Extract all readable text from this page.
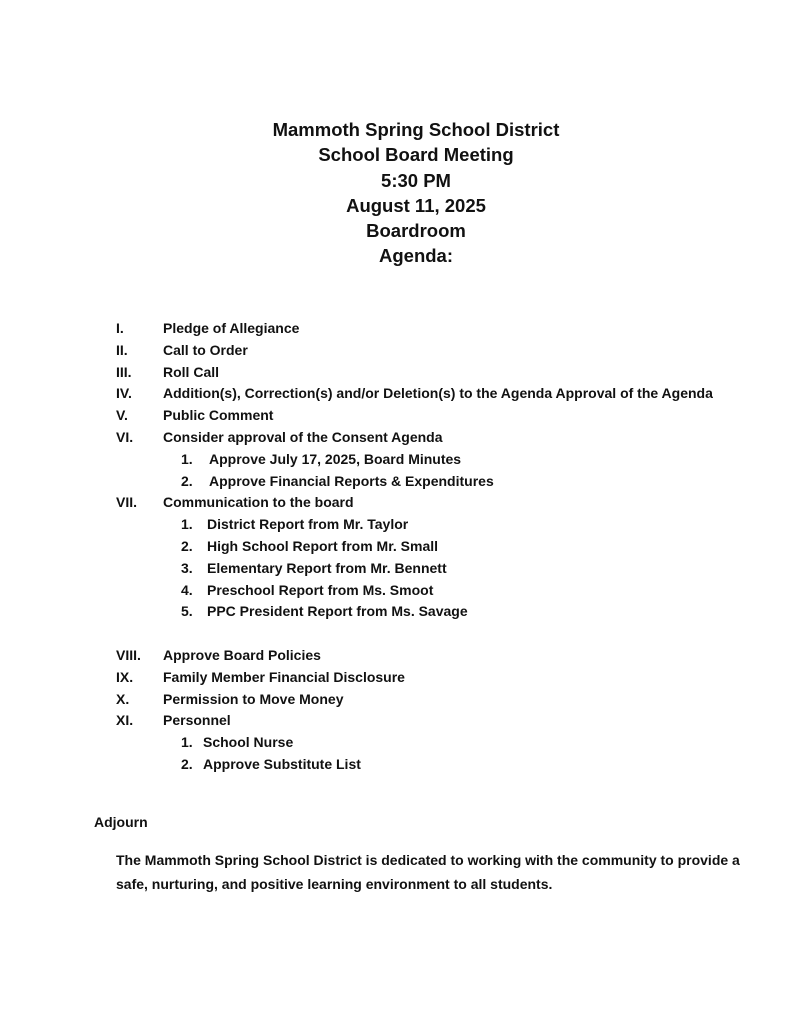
Mammoth Spring School District
School Board Meeting
5:30 PM
August 11, 2025
Boardroom
Agenda:
I.	Pledge of Allegiance
II.	Call to Order
III. Roll Call
IV. Addition(s), Correction(s) and/or Deletion(s) to the Agenda Approval of the Agenda
V.	Public Comment
VI. Consider approval of the Consent Agenda
1. Approve July 17, 2025, Board Minutes
2. Approve Financial Reports & Expenditures
VII. Communication to the board
1. District Report from Mr. Taylor
2. High School Report from Mr. Small
3. Elementary Report from Mr. Bennett
4. Preschool Report from Ms. Smoot
5. PPC President Report from Ms. Savage
VIII. Approve Board Policies
IX. Family Member Financial Disclosure
X. Permission to Move Money
XI. Personnel
1. School Nurse
2. Approve Substitute List
Adjourn
The Mammoth Spring School District is dedicated to working with the community to provide a safe, nurturing, and positive learning environment to all students.
